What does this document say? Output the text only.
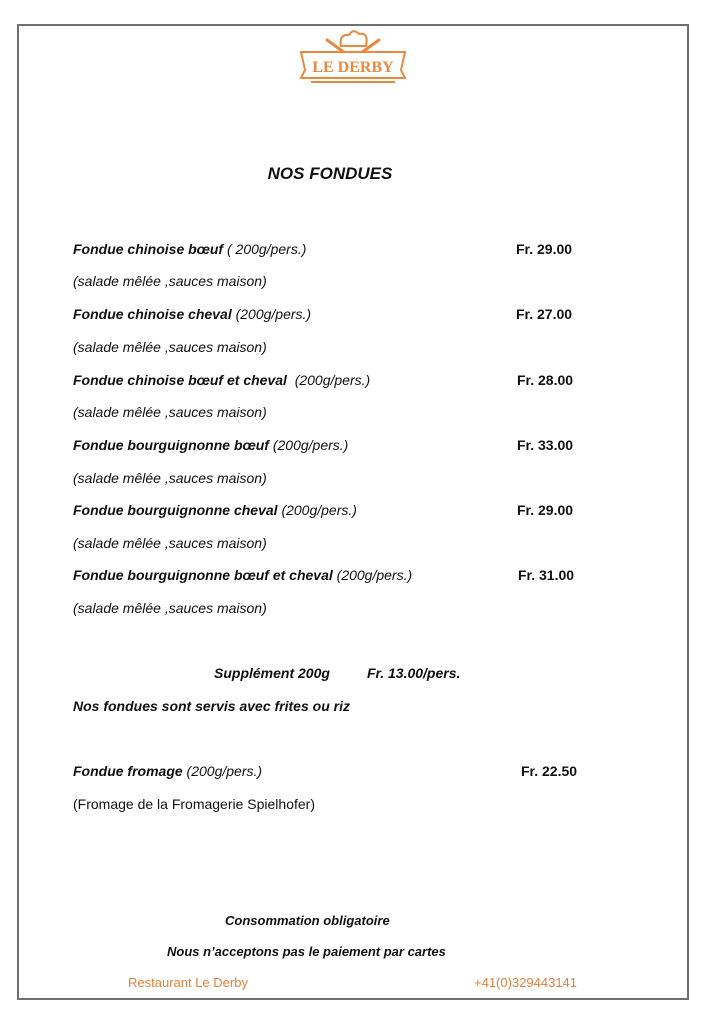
LE DERBY
NOS FONDUES
Fondue chinoise bœuf ( 200g/pers.)	Fr. 29.00
(salade mêlée ,sauces maison)
Fondue chinoise cheval (200g/pers.)	Fr. 27.00
(salade mêlée ,sauces maison)
Fondue chinoise bœuf et cheval  (200g/pers.)	Fr. 28.00
(salade mêlée ,sauces maison)
Fondue bourguignonne bœuf (200g/pers.)	Fr. 33.00
(salade mêlée ,sauces maison)
Fondue bourguignonne cheval (200g/pers.)	Fr. 29.00
(salade mêlée ,sauces maison)
Fondue bourguignonne bœuf et cheval (200g/pers.)	Fr. 31.00
(salade mêlée ,sauces maison)
Supplément 200g	Fr. 13.00/pers.
Nos fondues sont servis avec frites ou riz
Fondue fromage (200g/pers.)	Fr. 22.50
(Fromage de la Fromagerie Spielhofer)
Consommation obligatoire
Nous n’acceptons pas le paiement par cartes
Restaurant Le Derby	+41(0)329443141
